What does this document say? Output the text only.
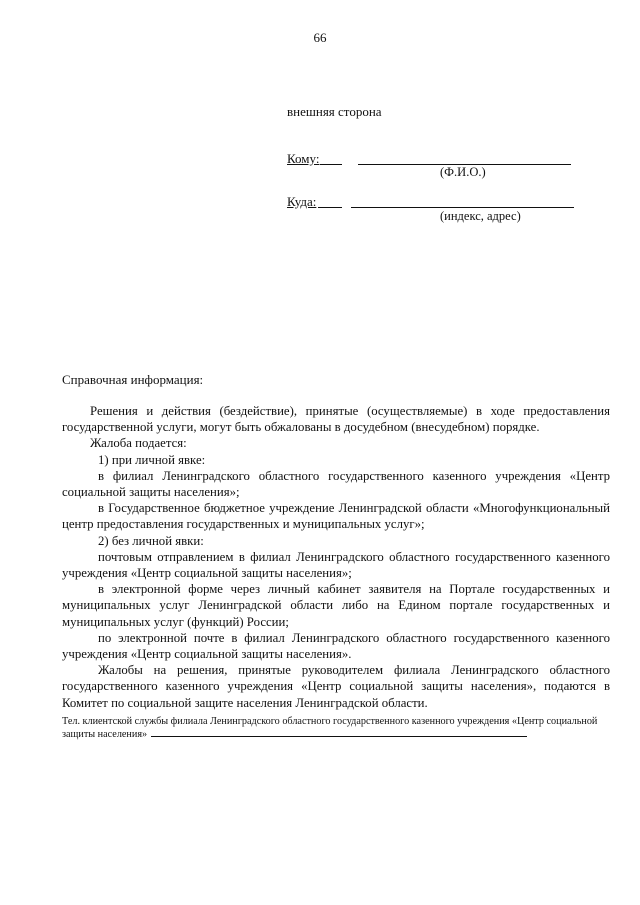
66
внешняя сторона
Кому:
(Ф.И.О.)
Куда:
(индекс, адрес)
Справочная информация:

Решения и действия (бездействие), принятые (осуществляемые) в ходе предоставления государственной услуги, могут быть обжалованы в досудебном (внесудебном) порядке.

Жалоба подается:

1) при личной явке:

в филиал Ленинградского областного государственного казенного учреждения «Центр социальной защиты населения»;

в Государственное бюджетное учреждение Ленинградской области «Многофункциональный центр предоставления государственных и муниципальных услуг»;

2) без личной явки:

почтовым отправлением в филиал Ленинградского областного государственного казенного учреждения «Центр социальной защиты населения»;

в электронной форме через личный кабинет заявителя на Портале государственных и муниципальных услуг Ленинградской области либо на Едином портале государственных и муниципальных услуг (функций) России;

по электронной почте в филиал Ленинградского областного государственного казенного учреждения «Центр социальной защиты населения».

Жалобы на решения, принятые руководителем филиала Ленинградского областного государственного казенного учреждения «Центр социальной защиты населения», подаются в Комитет по социальной защите населения Ленинградской области.

Тел. клиентской службы филиала Ленинградского областного государственного казенного учреждения «Центр социальной защиты населения»
